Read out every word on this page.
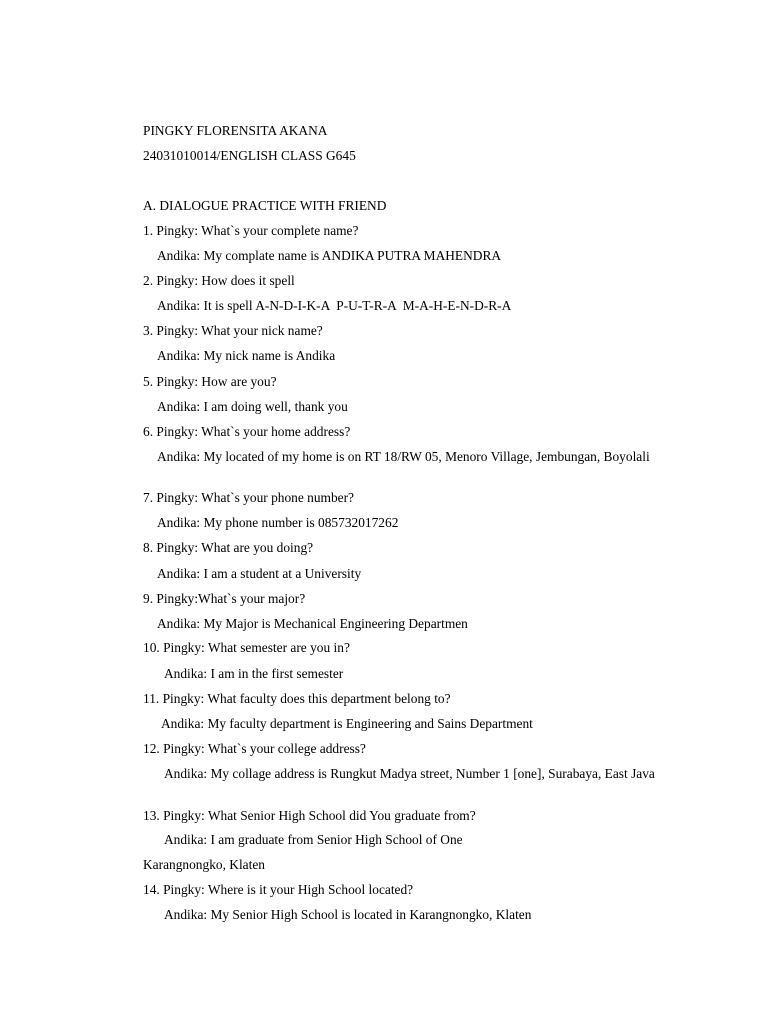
PINGKY FLORENSITA AKANA
24031010014/ENGLISH CLASS G645
A. DIALOGUE PRACTICE WITH FRIEND
1. Pingky: What`s your complete name?
Andika: My complate name is ANDIKA PUTRA MAHENDRA
2. Pingky: How does it spell
Andika: It is spell A-N-D-I-K-A  P-U-T-R-A  M-A-H-E-N-D-R-A
3. Pingky: What your nick name?
Andika: My nick name is Andika
5. Pingky: How are you?
Andika: I am doing well, thank you
6. Pingky: What`s your home address?
Andika: My located of my home is on RT 18/RW 05, Menoro Village, Jembungan, Boyolali
7. Pingky: What`s your phone number?
Andika: My phone number is 085732017262
8. Pingky: What are you doing?
Andika: I am a student at a University
9. Pingky:What`s your major?
Andika: My Major is Mechanical Engineering Departmen
10. Pingky: What semester are you in?
Andika: I am in the first semester
11. Pingky: What faculty does this department belong to?
Andika: My faculty department is Engineering and Sains Department
12. Pingky: What`s your college address?
Andika: My collage address is Rungkut Madya street, Number 1 [one], Surabaya, East Java
13. Pingky: What Senior High School did You graduate from?
Andika: I am graduate from Senior High School of One
Karangnongko, Klaten
14. Pingky: Where is it your High School located?
Andika: My Senior High School is located in Karangnongko, Klaten
